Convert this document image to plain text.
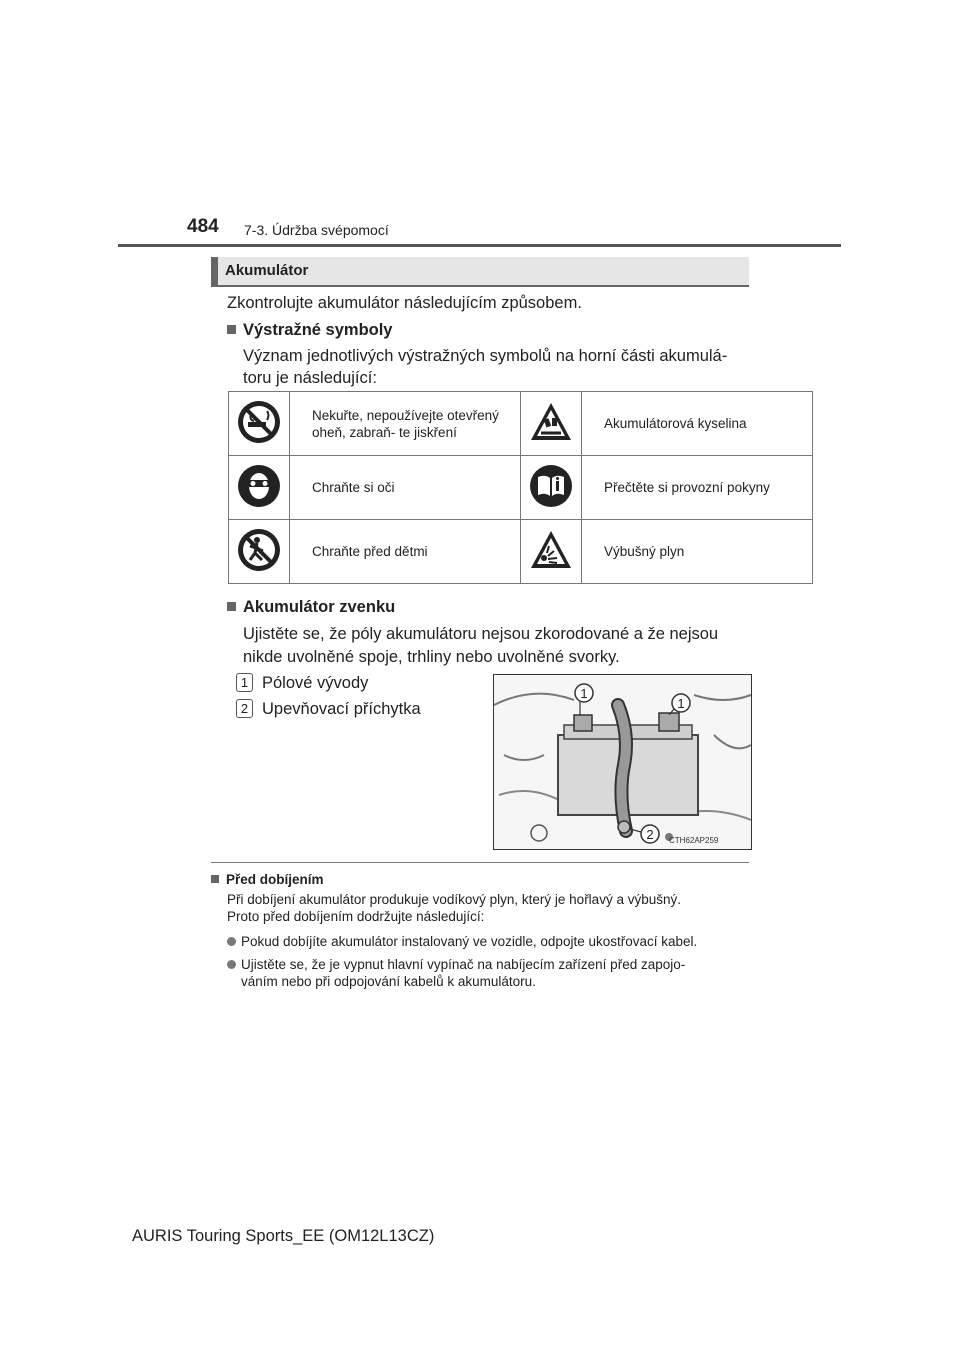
484 7-3. Údržba svépomocí
Akumulátor
Zkontrolujte akumulátor následujícím způsobem.
Výstražné symboly
Význam jednotlivých výstražných symbolů na horní části akumulá-
toru je následující:
	Nekuřte, nepoužívejte otevřený oheň, zabraň- te jiskření		Akumulátorová kyselina
	Chraňte si oči		Přečtěte si provozní pokyny
	Chraňte před dětmi		Výbušný plyn
Akumulátor zvenku
Ujistěte se, že póly akumulátoru nejsou zkorodované a že nejsou
nikde uvolněné spoje, trhliny nebo uvolněné svorky.
1 Pólové vývody
2 Upevňovací příchytka
1
1
2 CTH62AP259
Před dobíjením
Při dobíjení akumulátor produkuje vodíkový plyn, který je hořlavý a výbušný.
Proto před dobíjením dodržujte následující:
Pokud dobíjíte akumulátor instalovaný ve vozidle, odpojte ukostřovací kabel.
Ujistěte se, že je vypnut hlavní vypínač na nabíjecím zařízení před zapojo-
váním nebo při odpojování kabelů k akumulátoru.
AURIS Touring Sports_EE (OM12L13CZ)
